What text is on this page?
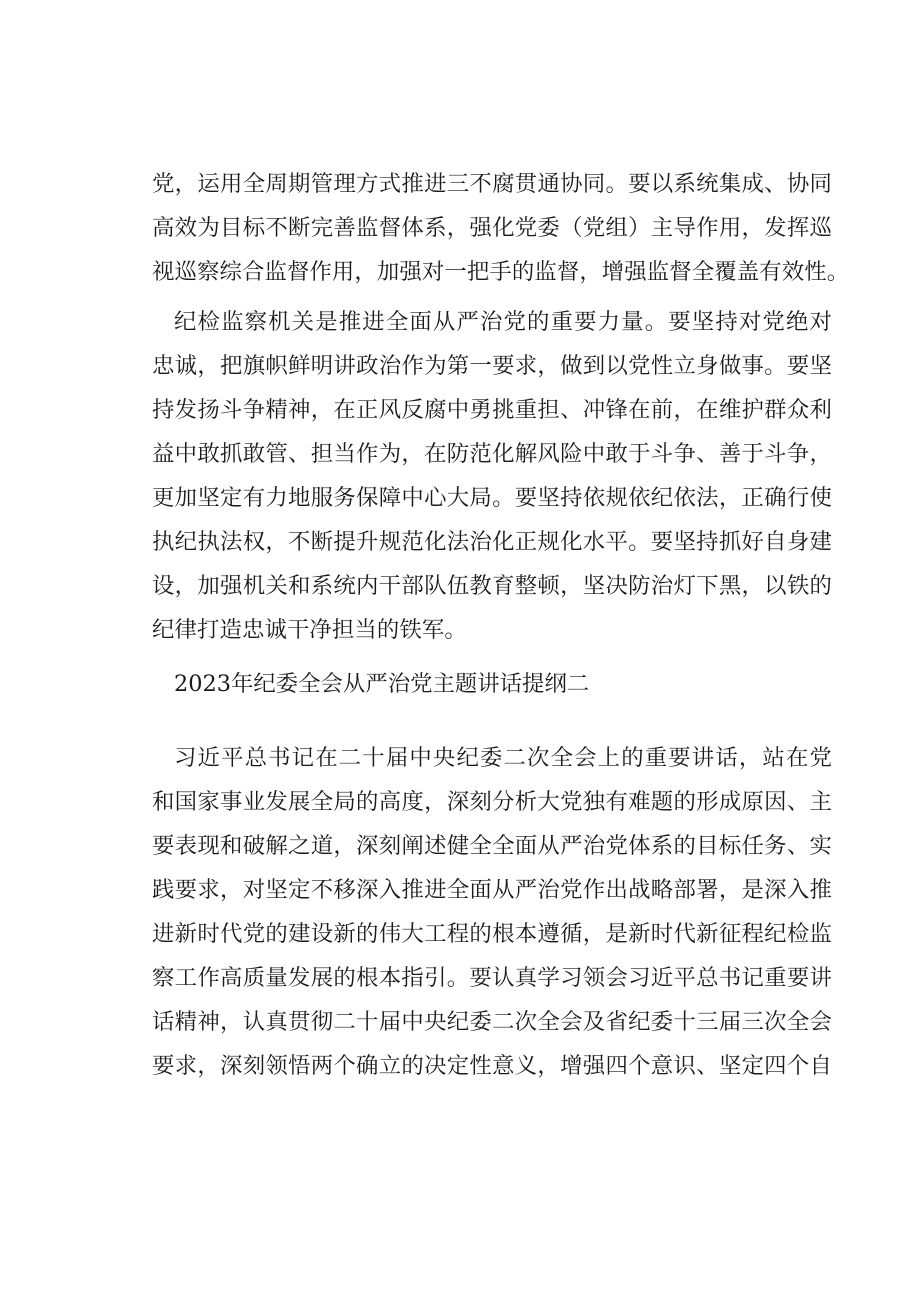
党，运用全周期管理方式推进三不腐贯通协同。要以系统集成、协同
高效为目标不断完善监督体系，强化党委（党组）主导作用，发挥巡
视巡察综合监督作用，加强对一把手的监督，增强监督全覆盖有效性。
纪检监察机关是推进全面从严治党的重要力量。要坚持对党绝对
忠诚，把旗帜鲜明讲政治作为第一要求，做到以党性立身做事。要坚
持发扬斗争精神，在正风反腐中勇挑重担、冲锋在前，在维护群众利
益中敢抓敢管、担当作为，在防范化解风险中敢于斗争、善于斗争，
更加坚定有力地服务保障中心大局。要坚持依规依纪依法，正确行使
执纪执法权，不断提升规范化法治化正规化水平。要坚持抓好自身建
设，加强机关和系统内干部队伍教育整顿，坚决防治灯下黑，以铁的
纪律打造忠诚干净担当的铁军。
2023年纪委全会从严治党主题讲话提纲二
习近平总书记在二十届中央纪委二次全会上的重要讲话，站在党
和国家事业发展全局的高度，深刻分析大党独有难题的形成原因、主
要表现和破解之道，深刻阐述健全全面从严治党体系的目标任务、实
践要求，对坚定不移深入推进全面从严治党作出战略部署，是深入推
进新时代党的建设新的伟大工程的根本遵循，是新时代新征程纪检监
察工作高质量发展的根本指引。要认真学习领会习近平总书记重要讲
话精神，认真贯彻二十届中央纪委二次全会及省纪委十三届三次全会
要求，深刻领悟两个确立的决定性意义，增强四个意识、坚定四个自
